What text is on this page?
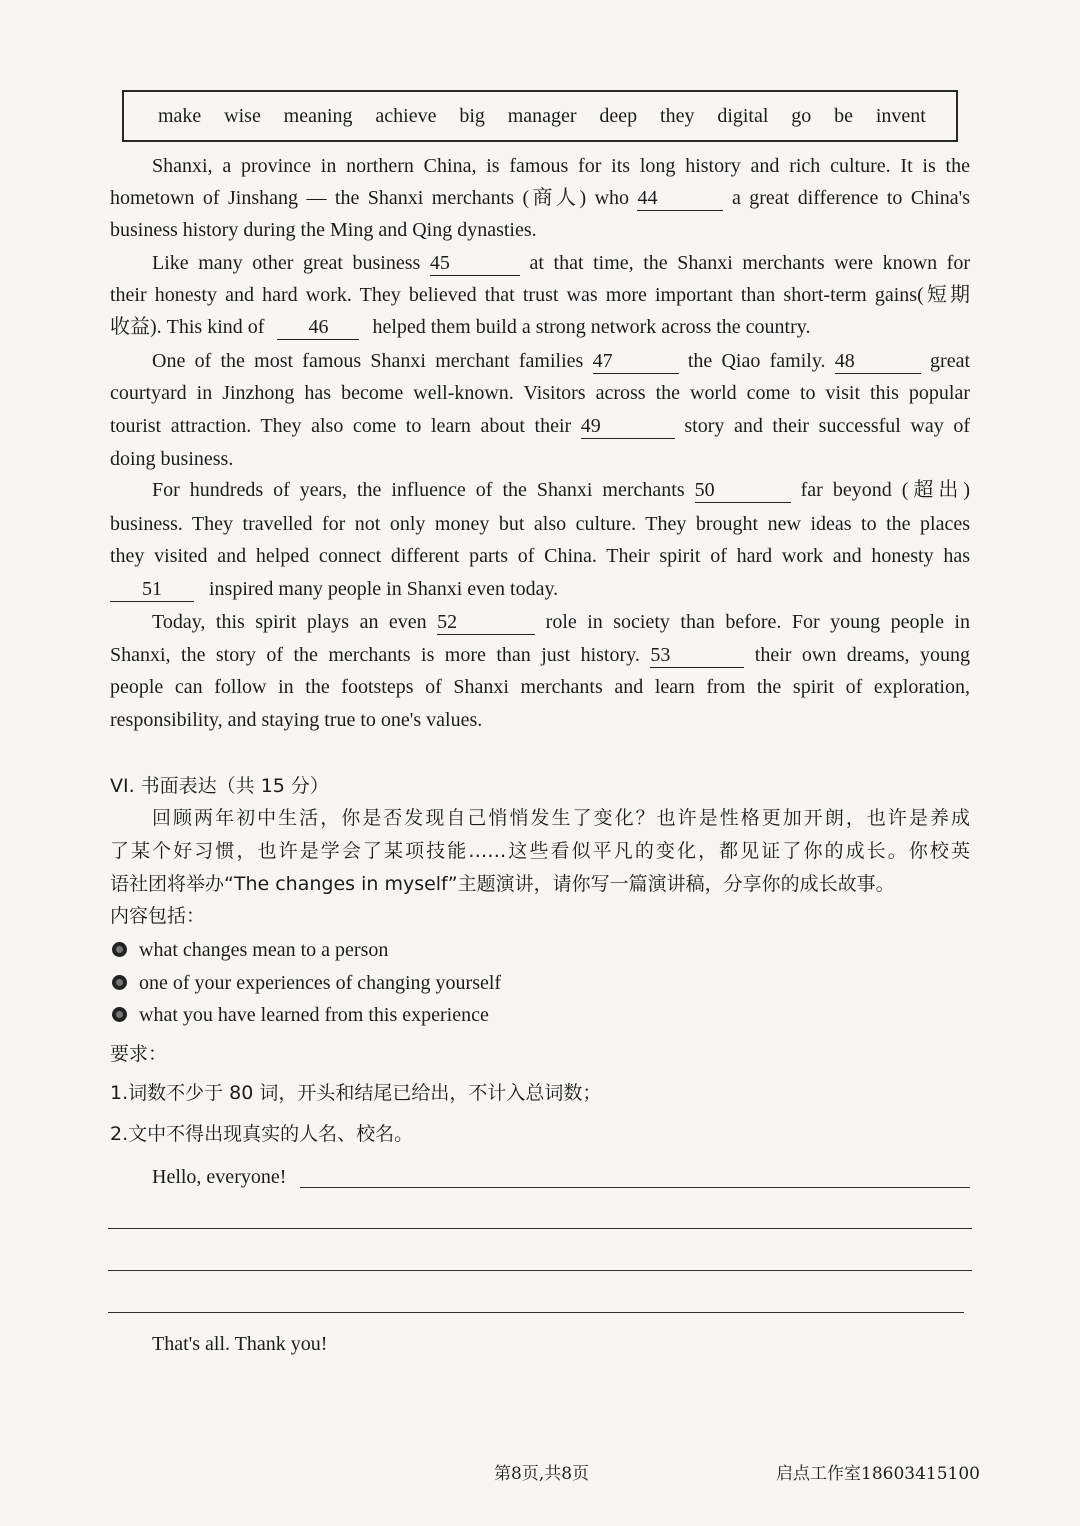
make wise meaning achieve big manager deep they digital go be invent
Shanxi, a province in northern China, is famous for its long history and rich culture. It is the
hometown of Jinshang — the Shanxi merchants (商人) who 44	a great difference to China's
business history during the Ming and Qing dynasties.
Like many other great business 45	at that time, the Shanxi merchants were known for
their honesty and hard work. They believed that trust was more important than short-term gains(短期
收益). This kind of 46 helped them build a strong network across the country.
One of the most famous Shanxi merchant families 47	the Qiao family. 48	great
courtyard in Jinzhong has become well-known. Visitors across the world come to visit this popular
tourist attraction. They also come to learn about their 49	story and their successful way of
doing business.
For hundreds of years, the influence of the Shanxi merchants 50	far beyond (超出)
business. They travelled for not only money but also culture. They brought new ideas to the places
they visited and helped connect different parts of China. Their spirit of hard work and honesty has
51 inspired many people in Shanxi even today.
Today, this spirit plays an even 52	role in society than before. For young people in
Shanxi, the story of the merchants is more than just history. 53	their own dreams, young
people can follow in the footsteps of Shanxi merchants and learn from the spirit of exploration,
responsibility, and staying true to one's values.
VI. 书面表达（共 15 分）
回顾两年初中生活，你是否发现自己悄悄发生了变化？也许是性格更加开朗，也许是养成
了某个好习惯，也许是学会了某项技能……这些看似平凡的变化，都见证了你的成长。你校英
语社团将举办“The changes in myself”主题演讲，请你写一篇演讲稿，分享你的成长故事。
内容包括：
what changes mean to a person
one of your experiences of changing yourself
what you have learned from this experience
要求：
1.词数不少于 80 词，开头和结尾已给出，不计入总词数；
2.文中不得出现真实的人名、校名。
Hello, everyone!
That's all. Thank you!
第8页,共8页	启点工作室18603415100
